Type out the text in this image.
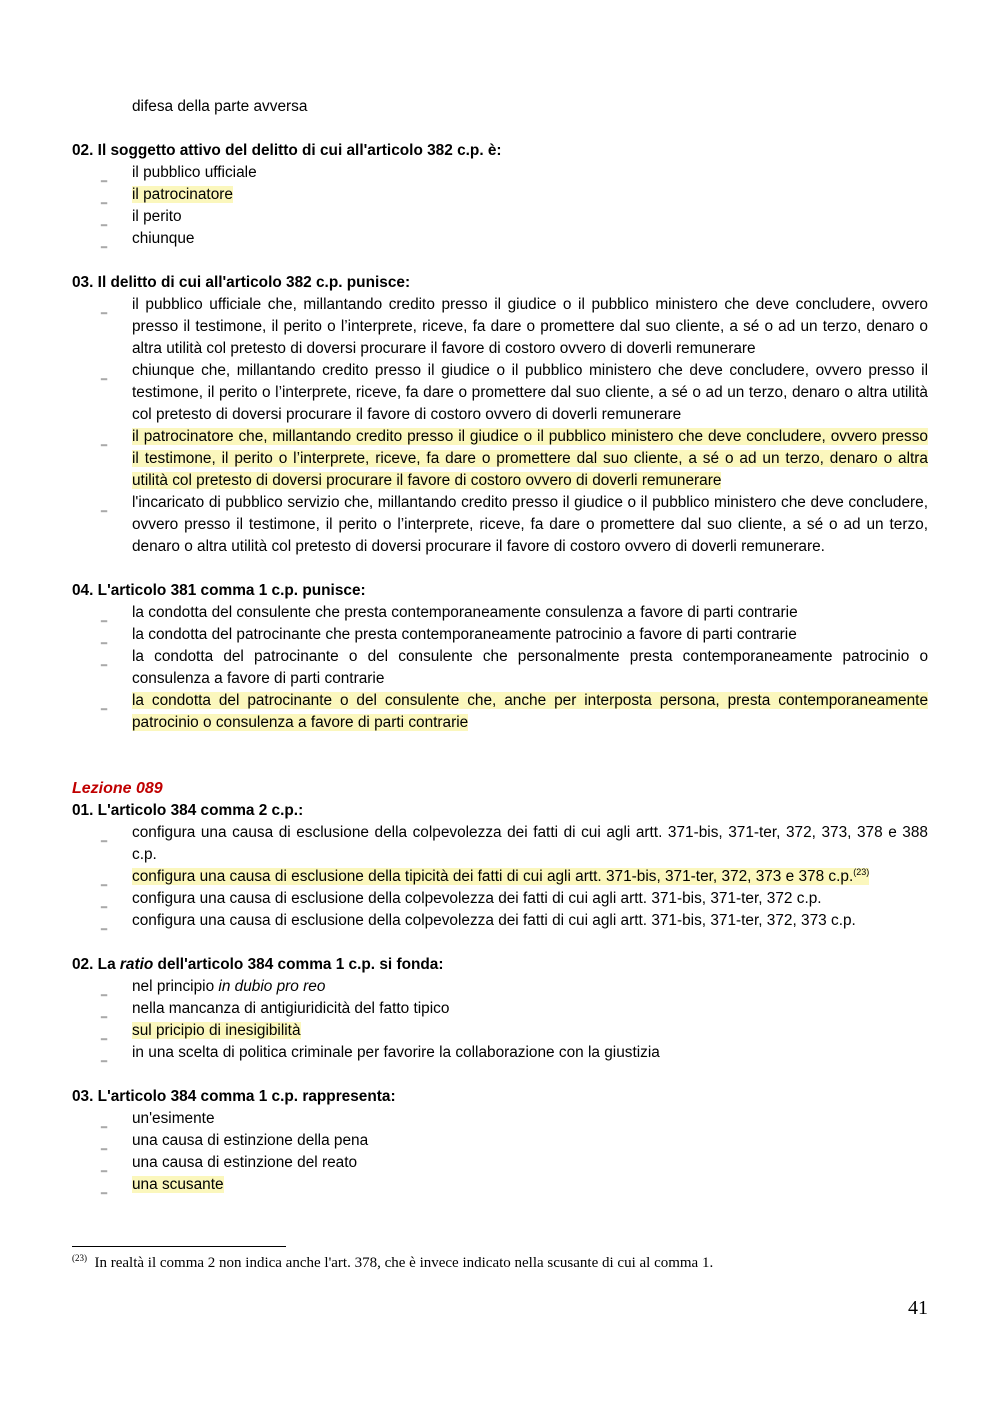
difesa della parte avversa
02. Il soggetto attivo del delitto di cui all'articolo 382 c.p. è:
‗ il pubblico ufficiale
‗ il patrocinatore
‗ il perito
‗ chiunque
03. Il delitto di cui all'articolo 382 c.p. punisce:
‗ il pubblico ufficiale che, millantando credito presso il giudice o il pubblico ministero che deve concludere, ovvero presso il testimone, il perito o l’interprete, riceve, fa dare o promettere dal suo cliente, a sé o ad un terzo, denaro o altra utilità col pretesto di doversi procurare il favore di costoro ovvero di doverli remunerare
‗ chiunque che, millantando credito presso il giudice o il pubblico ministero che deve concludere, ovvero presso il testimone, il perito o l’interprete, riceve, fa dare o promettere dal suo cliente, a sé o ad un terzo, denaro o altra utilità col pretesto di doversi procurare il favore di costoro ovvero di doverli remunerare
‗ il patrocinatore che, millantando credito presso il giudice o il pubblico ministero che deve concludere, ovvero presso il testimone, il perito o l’interprete, riceve, fa dare o promettere dal suo cliente, a sé o ad un terzo, denaro o altra utilità col pretesto di doversi procurare il favore di costoro ovvero di doverli remunerare
‗ l'incaricato di pubblico servizio che, millantando credito presso il giudice o il pubblico ministero che deve concludere, ovvero presso il testimone, il perito o l’interprete, riceve, fa dare o promettere dal suo cliente, a sé o ad un terzo, denaro o altra utilità col pretesto di doversi procurare il favore di costoro ovvero di doverli remunerare.
04. L'articolo 381 comma 1 c.p. punisce:
‗ la condotta del consulente che presta contemporaneamente consulenza a favore di parti contrarie
‗ la condotta del patrocinante che presta contemporaneamente patrocinio a favore di parti contrarie
‗ la condotta del patrocinante o del consulente che personalmente presta contemporaneamente patrocinio o consulenza a favore di parti contrarie
‗ la condotta del patrocinante o del consulente che, anche per interposta persona, presta contemporaneamente patrocinio o consulenza a favore di parti contrarie
Lezione 089
01. L'articolo 384 comma 2 c.p.:
‗ configura una causa di esclusione della colpevolezza dei fatti di cui agli artt. 371-bis, 371-ter, 372, 373, 378 e 388 c.p.
‗ configura una causa di esclusione della tipicità dei fatti di cui agli artt. 371-bis, 371-ter, 372, 373 e 378 c.p.$^{(23)}$
‗ configura una causa di esclusione della colpevolezza dei fatti di cui agli artt. 371-bis, 371-ter, 372 c.p.
‗ configura una causa di esclusione della colpevolezza dei fatti di cui agli artt. 371-bis, 371-ter, 372, 373 c.p.
02. La ratio dell'articolo 384 comma 1 c.p. si fonda:
‗ nel principio in dubio pro reo
‗ nella mancanza di antigiuridicità del fatto tipico
‗ sul pricipio di inesigibilità
‗ in una scelta di politica criminale per favorire la collaborazione con la giustizia
03. L'articolo 384 comma 1 c.p. rappresenta:
‗ un'esimente
‗ una causa di estinzione della pena
‗ una causa di estinzione del reato
‗ una scusante
$^{(23)}$ In realtà il comma 2 non indica anche l'art. 378, che è invece indicato nella scusante di cui al comma 1.
41
